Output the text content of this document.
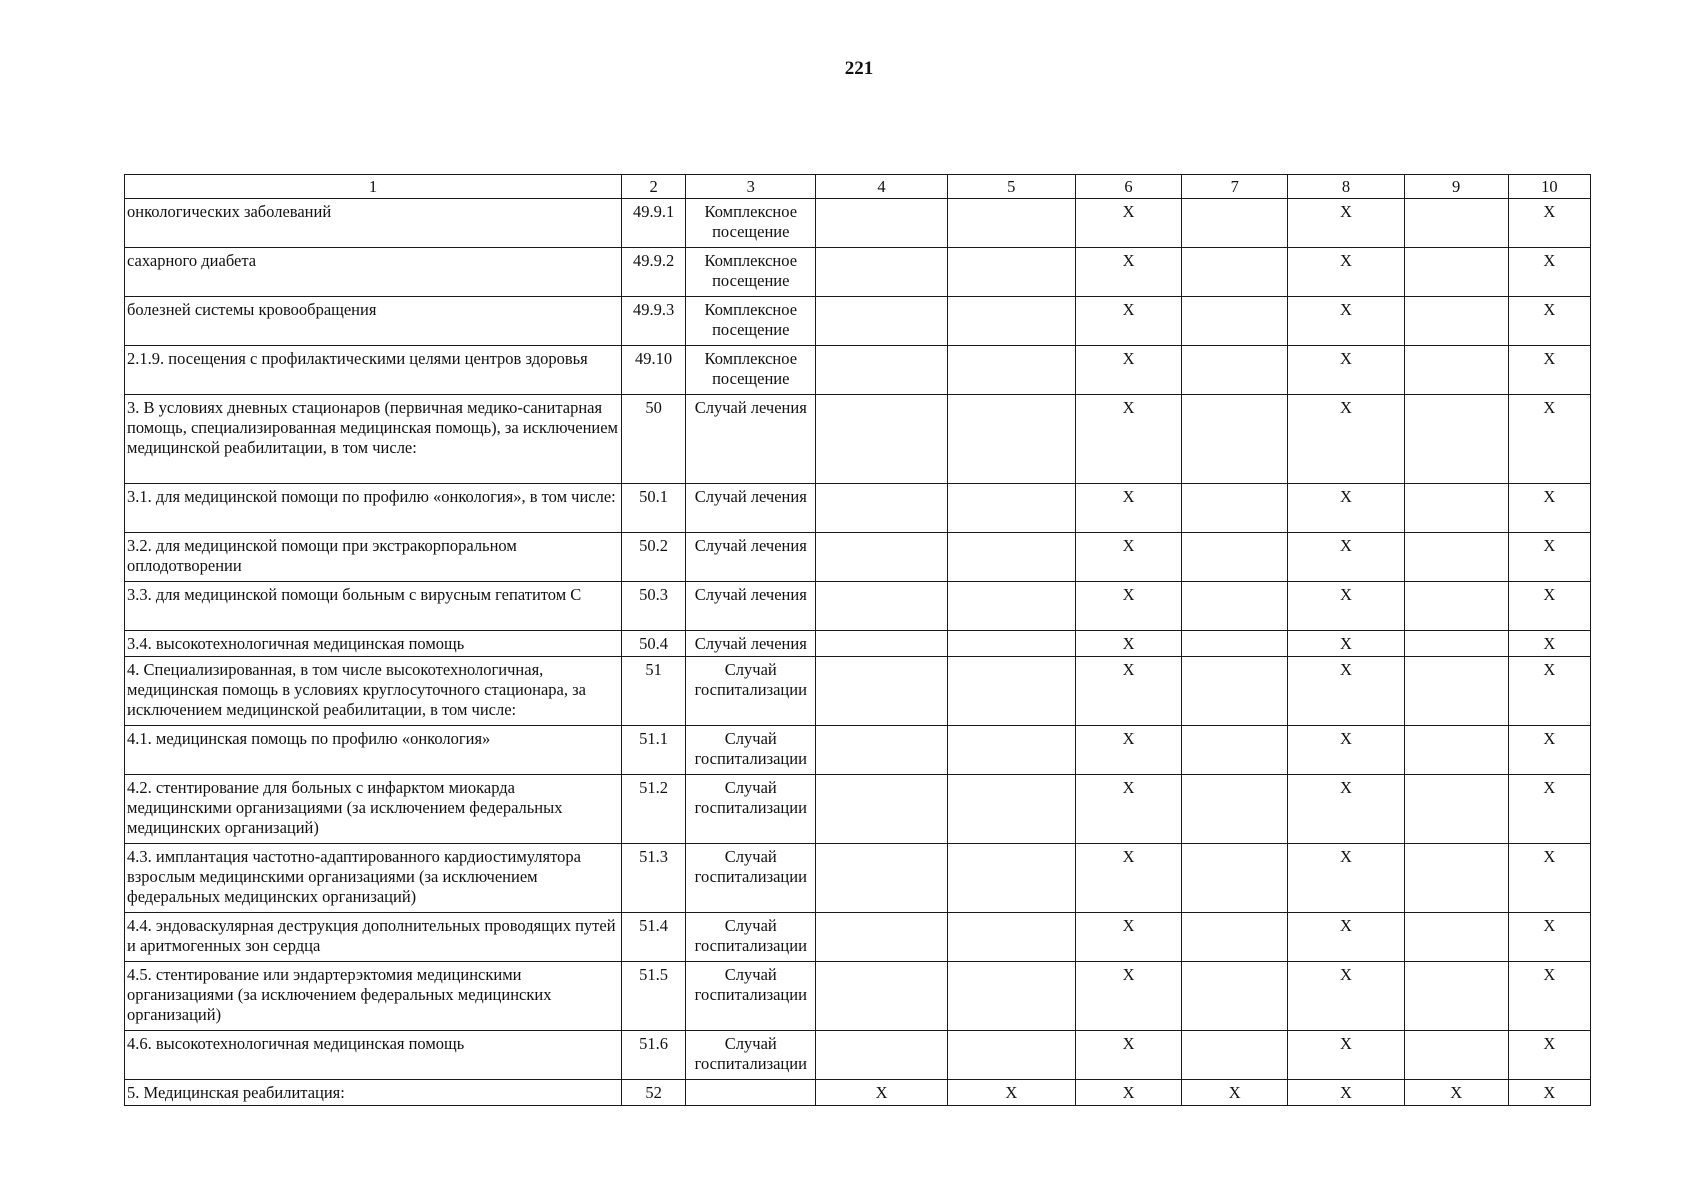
221
1	2	3	4	5	6	7	8	9	10
онкологических заболеваний	49.9.1	Комплексное посещение			X		X		X
сахарного диабета	49.9.2	Комплексное посещение			X		X		X
болезней системы кровообращения	49.9.3	Комплексное посещение			X		X		X
2.1.9. посещения с профилактическими целями центров здоровья	49.10	Комплексное посещение			X		X		X
3. В условиях дневных стационаров (первичная медико-санитарная помощь, специализированная медицинская помощь), за исключением медицинской реабилитации, в том числе:	50	Случай лечения			X		X		X
3.1. для медицинской помощи по профилю «онкология», в том числе:	50.1	Случай лечения			X		X		X
3.2. для медицинской помощи при экстракорпоральном оплодотворении	50.2	Случай лечения			X		X		X
3.3. для медицинской помощи больным с вирусным гепатитом С	50.3	Случай лечения			X		X		X
3.4. высокотехнологичная медицинская помощь	50.4	Случай лечения			X		X		X
4. Специализированная, в том числе высокотехнологичная, медицинская помощь в условиях круглосуточного стационара, за исключением медицинской реабилитации, в том числе:	51	Случай госпитализации			X		X		X
4.1. медицинская помощь по профилю «онкология»	51.1	Случай госпитализации			X		X		X
4.2. стентирование для больных с инфарктом миокарда медицинскими организациями (за исключением федеральных медицинских организаций)	51.2	Случай госпитализации			X		X		X
4.3. имплантация частотно-адаптированного кардиостимулятора взрослым медицинскими организациями (за исключением федеральных медицинских организаций)	51.3	Случай госпитализации			X		X		X
4.4. эндоваскулярная деструкция дополнительных проводящих путей и аритмогенных зон сердца	51.4	Случай госпитализации			X		X		X
4.5. стентирование или эндартерэктомия медицинскими организациями (за исключением федеральных медицинских организаций)	51.5	Случай госпитализации			X		X		X
4.6. высокотехнологичная медицинская помощь	51.6	Случай госпитализации			X		X		X
5. Медицинская реабилитация:	52		X	X	X	X	X	X	X
